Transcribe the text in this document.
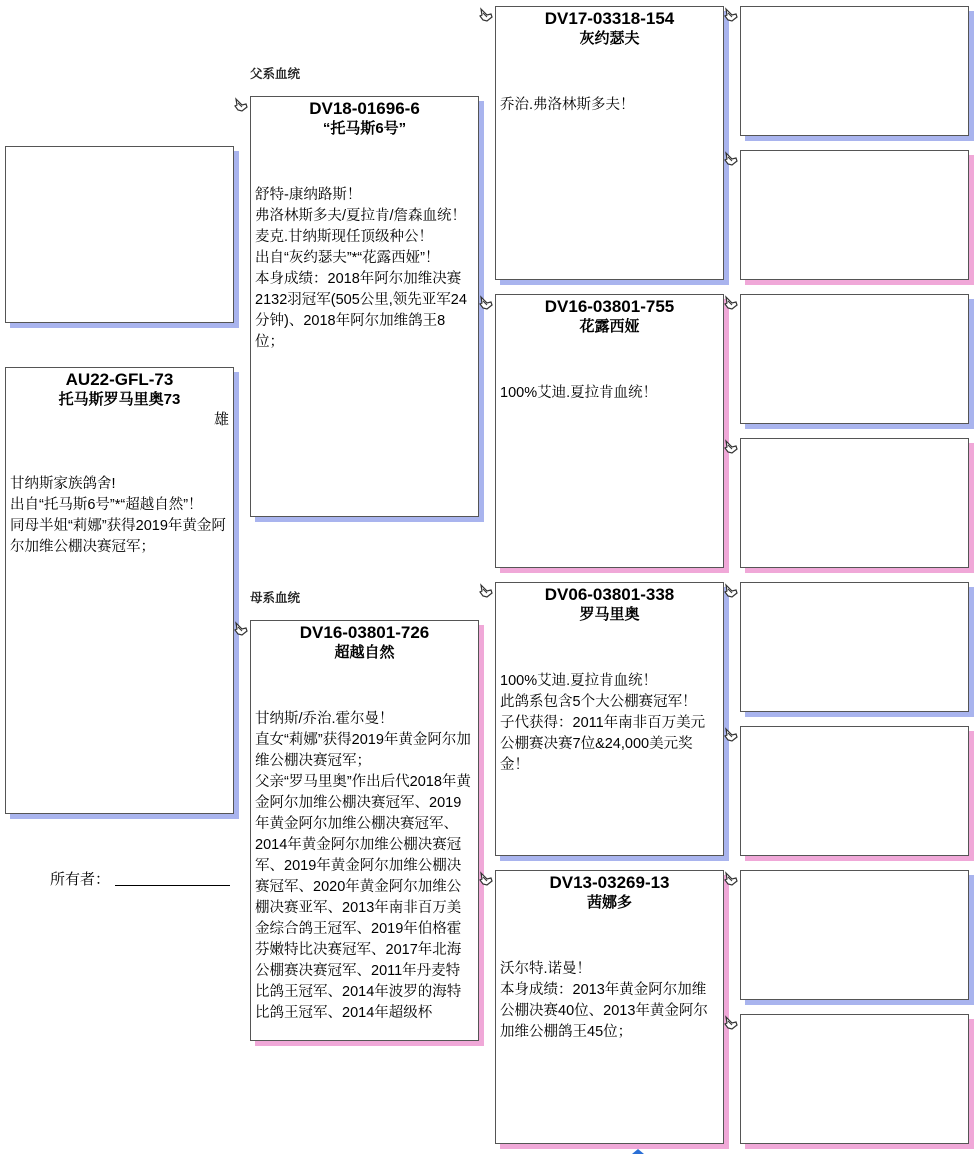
父系血统
母系血统
AU22-GFL-73
托马斯罗马里奥73
雄
甘纳斯家族鸽舍!
出自“托马斯6号”*“超越自然”！
同母半姐“莉娜”获得2019年黄金阿尔加维公棚决赛冠军；
所有者：
DV18-01696-6
“托马斯6号”
舒特-康纳路斯！
弗洛林斯多夫/夏拉肯/詹森血统！
麦克.甘纳斯现任顶级种公！
出自“灰约瑟夫”*“花露西娅”！
本身成绩：2018年阿尔加维决赛2132羽冠军(505公里,领先亚军24分钟)、2018年阿尔加维鸽王8位；
DV16-03801-726
超越自然
甘纳斯/乔治.霍尔曼！
直女“莉娜”获得2019年黄金阿尔加维公棚决赛冠军；
父亲“罗马里奥”作出后代2018年黄金阿尔加维公棚决赛冠军、2019年黄金阿尔加维公棚决赛冠军、2014年黄金阿尔加维公棚决赛冠军、2019年黄金阿尔加维公棚决赛冠军、2020年黄金阿尔加维公棚决赛亚军、2013年南非百万美金综合鸽王冠军、2019年伯格霍芬嫩特比决赛冠军、2017年北海公棚赛决赛冠军、2011年丹麦特比鸽王冠军、2014年波罗的海特比鸽王冠军、2014年超级杯
DV17-03318-154
灰约瑟夫
乔治.弗洛林斯多夫！
DV16-03801-755
花露西娅
100%艾迪.夏拉肯血统！
DV06-03801-338
罗马里奥
100%艾迪.夏拉肯血统！
此鸽系包含5个大公棚赛冠军！
子代获得：2011年南非百万美元公棚赛决赛7位&24,000美元奖金！
DV13-03269-13
茜娜多
沃尔特.诺曼！
本身成绩：2013年黄金阿尔加维公棚决赛40位、2013年黄金阿尔加维公棚鸽王45位；
